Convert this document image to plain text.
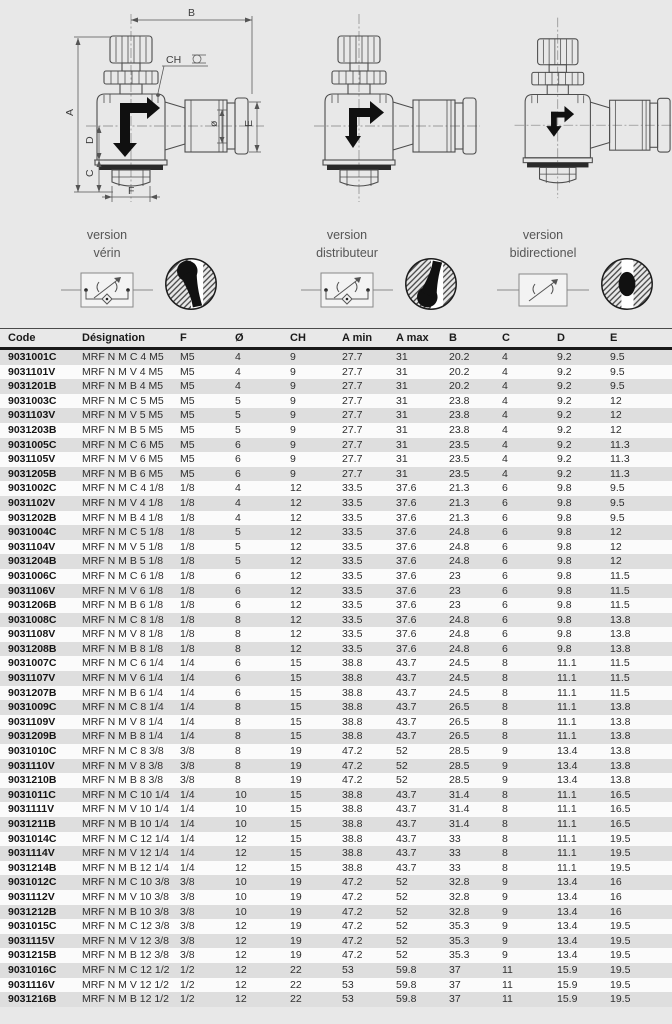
B
CH
A
D
C
F
ø E
version
vérin
version
distributeur
version
bidirectionel
Code	Désignation	F	Ø	CH	A min	A max	B	C	D	E
9031001C	MRF N M C 4 M5	M5	4	9	27.7	31	20.2	4	9.2	9.5
9031101V	MRF N M V 4 M5	M5	4	9	27.7	31	20.2	4	9.2	9.5
9031201B	MRF N M B 4 M5	M5	4	9	27.7	31	20.2	4	9.2	9.5
9031003C	MRF N M C 5 M5	M5	5	9	27.7	31	23.8	4	9.2	12
9031103V	MRF N M V 5 M5	M5	5	9	27.7	31	23.8	4	9.2	12
9031203B	MRF N M B 5 M5	M5	5	9	27.7	31	23.8	4	9.2	12
9031005C	MRF N M C 6 M5	M5	6	9	27.7	31	23.5	4	9.2	11.3
9031105V	MRF N M V 6 M5	M5	6	9	27.7	31	23.5	4	9.2	11.3
9031205B	MRF N M B 6 M5	M5	6	9	27.7	31	23.5	4	9.2	11.3
9031002C	MRF N M C 4 1/8	1/8	4	12	33.5	37.6	21.3	6	9.8	9.5
9031102V	MRF N M V 4 1/8	1/8	4	12	33.5	37.6	21.3	6	9.8	9.5
9031202B	MRF N M B 4 1/8	1/8	4	12	33.5	37.6	21.3	6	9.8	9.5
9031004C	MRF N M C 5 1/8	1/8	5	12	33.5	37.6	24.8	6	9.8	12
9031104V	MRF N M V 5 1/8	1/8	5	12	33.5	37.6	24.8	6	9.8	12
9031204B	MRF N M B 5 1/8	1/8	5	12	33.5	37.6	24.8	6	9.8	12
9031006C	MRF N M C 6 1/8	1/8	6	12	33.5	37.6	23	6	9.8	11.5
9031106V	MRF N M V 6 1/8	1/8	6	12	33.5	37.6	23	6	9.8	11.5
9031206B	MRF N M B 6 1/8	1/8	6	12	33.5	37.6	23	6	9.8	11.5
9031008C	MRF N M C 8 1/8	1/8	8	12	33.5	37.6	24.8	6	9.8	13.8
9031108V	MRF N M V 8 1/8	1/8	8	12	33.5	37.6	24.8	6	9.8	13.8
9031208B	MRF N M B 8 1/8	1/8	8	12	33.5	37.6	24.8	6	9.8	13.8
9031007C	MRF N M C 6 1/4	1/4	6	15	38.8	43.7	24.5	8	11.1	11.5
9031107V	MRF N M V 6 1/4	1/4	6	15	38.8	43.7	24.5	8	11.1	11.5
9031207B	MRF N M B 6 1/4	1/4	6	15	38.8	43.7	24.5	8	11.1	11.5
9031009C	MRF N M C 8 1/4	1/4	8	15	38.8	43.7	26.5	8	11.1	13.8
9031109V	MRF N M V 8 1/4	1/4	8	15	38.8	43.7	26.5	8	11.1	13.8
9031209B	MRF N M B 8 1/4	1/4	8	15	38.8	43.7	26.5	8	11.1	13.8
9031010C	MRF N M C 8 3/8	3/8	8	19	47.2	52	28.5	9	13.4	13.8
9031110V	MRF N M V 8 3/8	3/8	8	19	47.2	52	28.5	9	13.4	13.8
9031210B	MRF N M B 8 3/8	3/8	8	19	47.2	52	28.5	9	13.4	13.8
9031011C	MRF N M C 10 1/4	1/4	10	15	38.8	43.7	31.4	8	11.1	16.5
9031111V	MRF N M V 10 1/4	1/4	10	15	38.8	43.7	31.4	8	11.1	16.5
9031211B	MRF N M B 10 1/4	1/4	10	15	38.8	43.7	31.4	8	11.1	16.5
9031014C	MRF N M C 12 1/4	1/4	12	15	38.8	43.7	33	8	11.1	19.5
9031114V	MRF N M V 12 1/4	1/4	12	15	38.8	43.7	33	8	11.1	19.5
9031214B	MRF N M B 12 1/4	1/4	12	15	38.8	43.7	33	8	11.1	19.5
9031012C	MRF N M C 10 3/8	3/8	10	19	47.2	52	32.8	9	13.4	16
9031112V	MRF N M V 10 3/8	3/8	10	19	47.2	52	32.8	9	13.4	16
9031212B	MRF N M B 10 3/8	3/8	10	19	47.2	52	32.8	9	13.4	16
9031015C	MRF N M C 12 3/8	3/8	12	19	47.2	52	35.3	9	13.4	19.5
9031115V	MRF N M V 12 3/8	3/8	12	19	47.2	52	35.3	9	13.4	19.5
9031215B	MRF N M B 12 3/8	3/8	12	19	47.2	52	35.3	9	13.4	19.5
9031016C	MRF N M C 12 1/2	1/2	12	22	53	59.8	37	11	15.9	19.5
9031116V	MRF N M V 12 1/2	1/2	12	22	53	59.8	37	11	15.9	19.5
9031216B	MRF N M B 12 1/2	1/2	12	22	53	59.8	37	11	15.9	19.5
